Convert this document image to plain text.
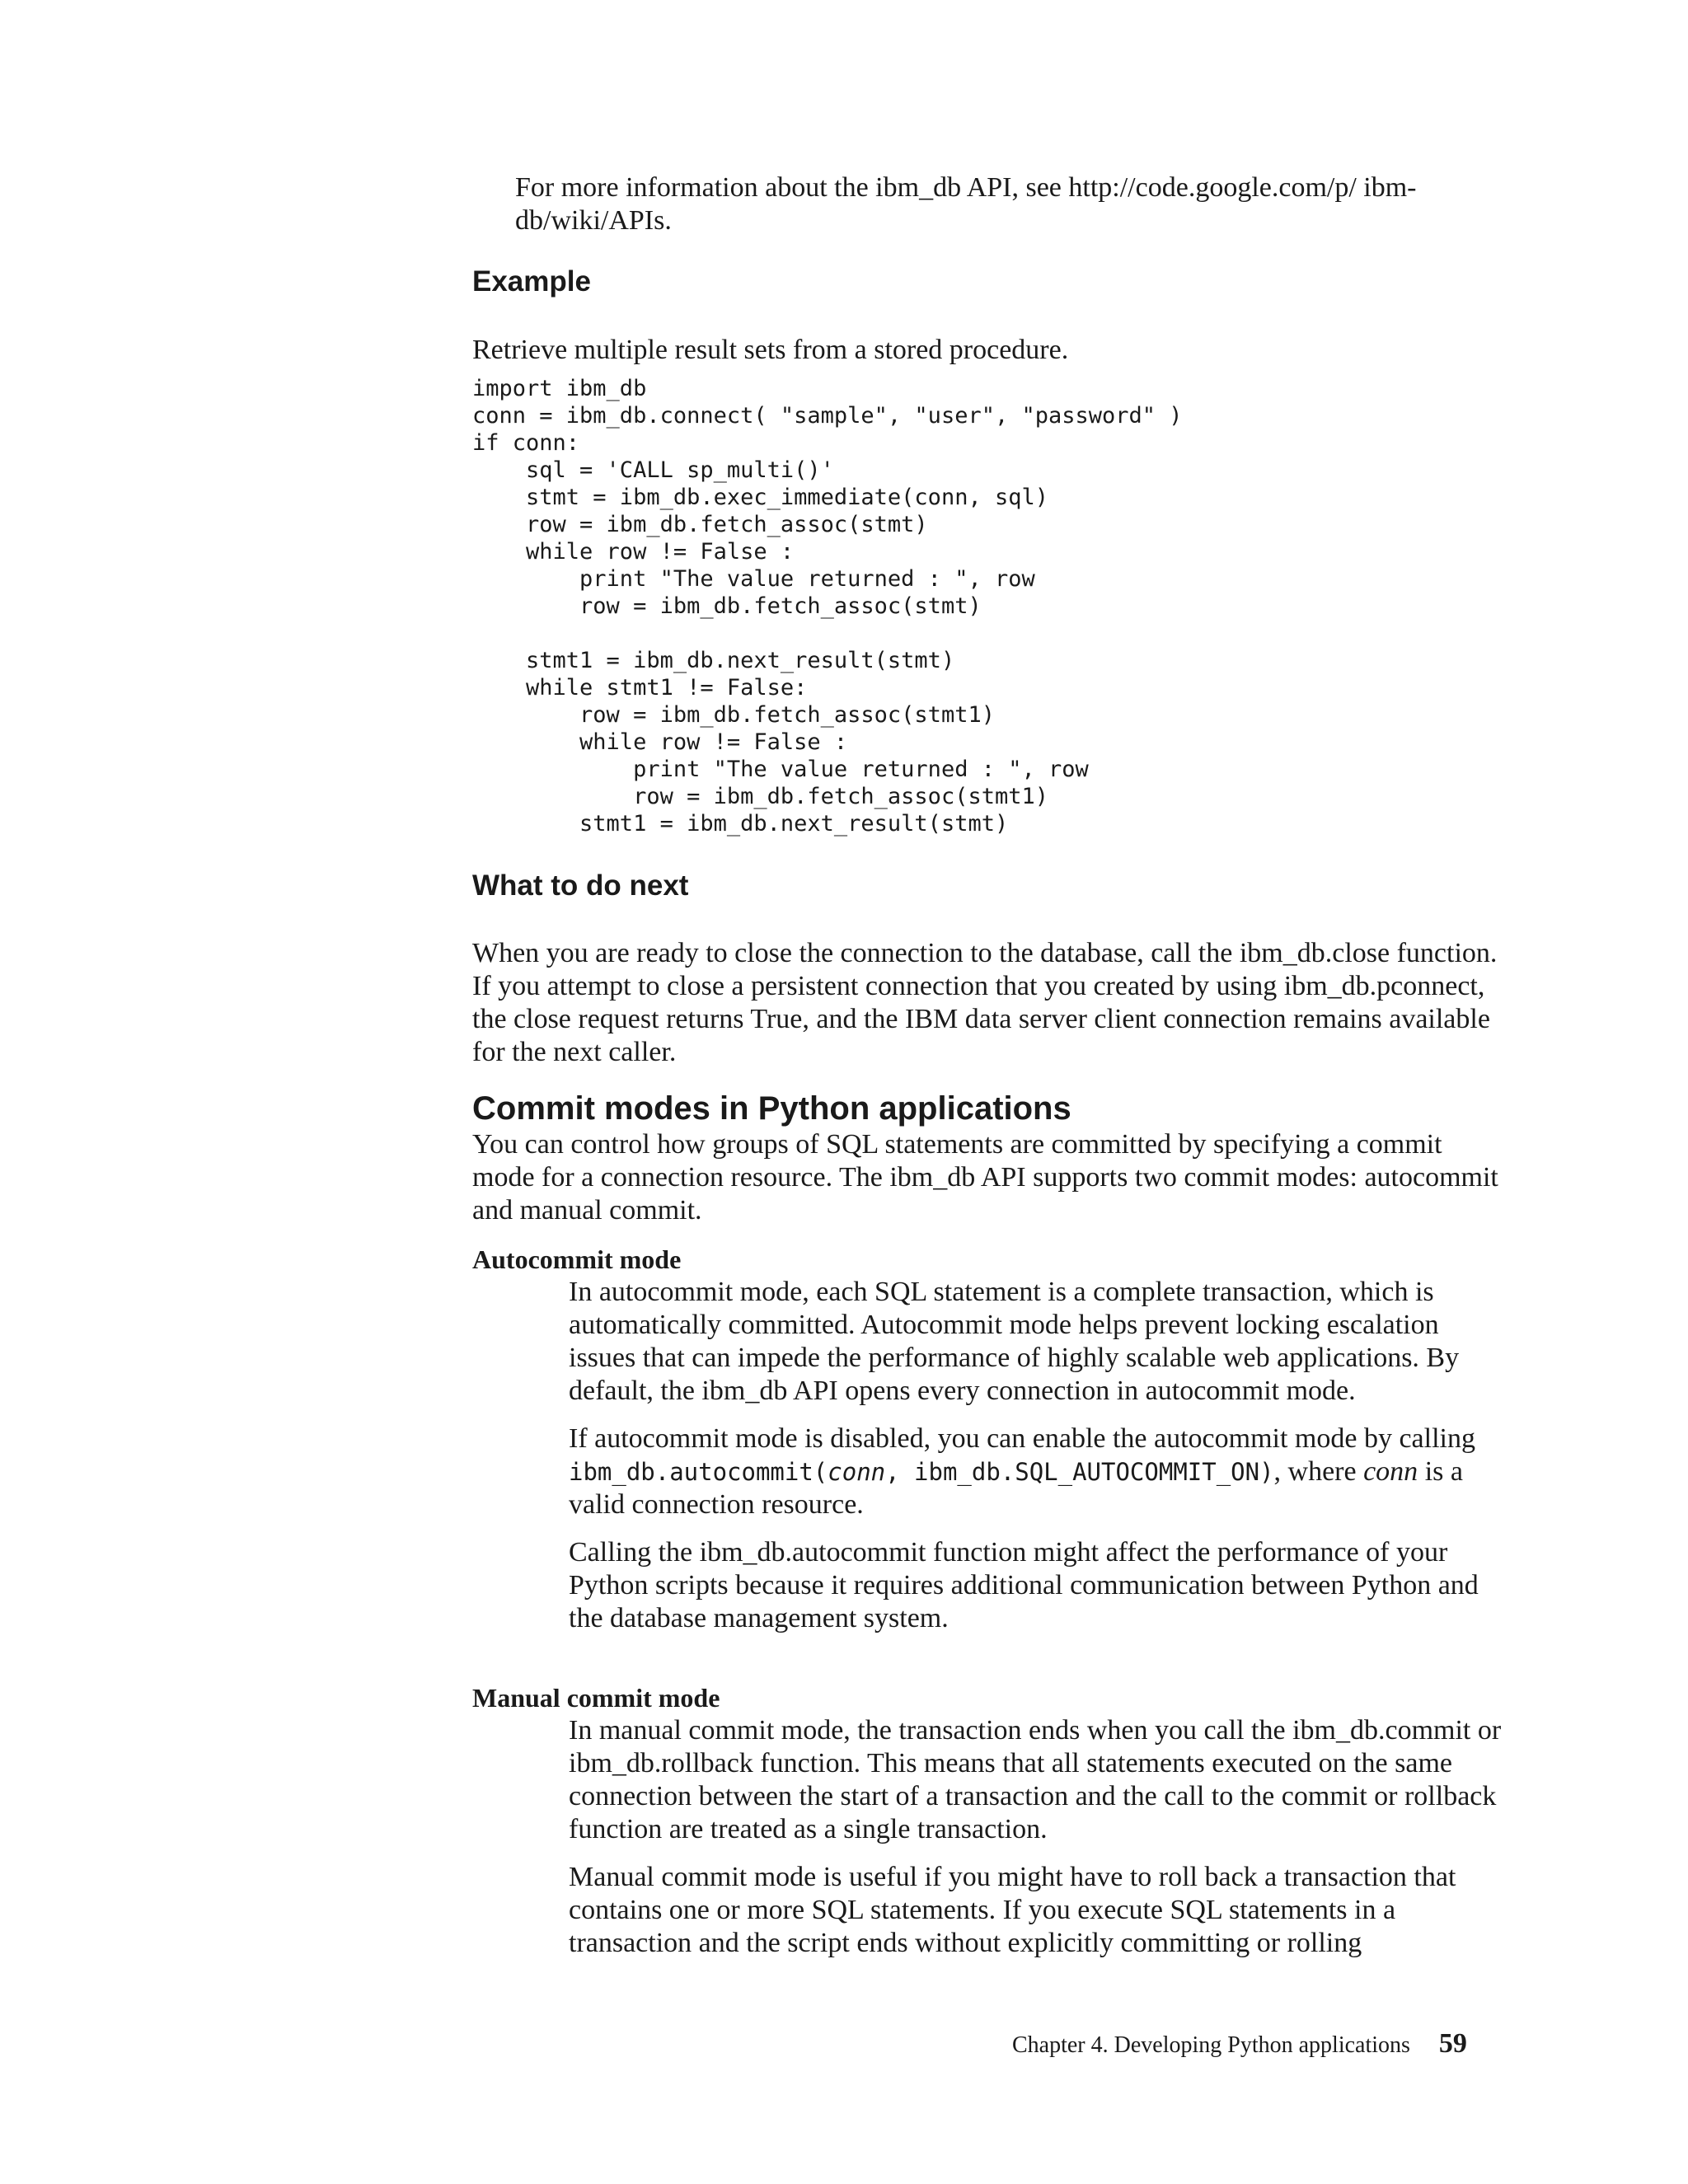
For more information about the ibm_db API, see http://code.google.com/p/ ibm-db/wiki/APIs.

Example

Retrieve multiple result sets from a stored procedure.

import ibm_db
conn = ibm_db.connect( "sample", "user", "password" )
if conn:
sql = 'CALL sp_multi()'
stmt = ibm_db.exec_immediate(conn, sql)
row = ibm_db.fetch_assoc(stmt)
while row != False :
print "The value returned : ", row
row = ibm_db.fetch_assoc(stmt)

stmt1 = ibm_db.next_result(stmt)
while stmt1 != False:
row = ibm_db.fetch_assoc(stmt1)
while row != False :
print "The value returned : ", row
row = ibm_db.fetch_assoc(stmt1)
stmt1 = ibm_db.next_result(stmt)
What to do next

When you are ready to close the connection to the database, call the ibm_db.close function. If you attempt to close a persistent connection that you created by using ibm_db.pconnect, the close request returns True, and the IBM data server client connection remains available for the next caller.

Commit modes in Python applications

You can control how groups of SQL statements are committed by specifying a commit mode for a connection resource. The ibm_db API supports two commit modes: autocommit and manual commit.

Autocommit mode

In autocommit mode, each SQL statement is a complete transaction, which is automatically committed. Autocommit mode helps prevent locking escalation issues that can impede the performance of highly scalable web applications. By default, the ibm_db API opens every connection in autocommit mode.

If autocommit mode is disabled, you can enable the autocommit mode by calling ibm_db.autocommit(conn, ibm_db.SQL_AUTOCOMMIT_ON), where conn is a valid connection resource.

Calling the ibm_db.autocommit function might affect the performance of your Python scripts because it requires additional communication between Python and the database management system.

Manual commit mode

In manual commit mode, the transaction ends when you call the ibm_db.commit or ibm_db.rollback function. This means that all statements executed on the same connection between the start of a transaction and the call to the commit or rollback function are treated as a single transaction.

Manual commit mode is useful if you might have to roll back a transaction that contains one or more SQL statements. If you execute SQL statements in a transaction and the script ends without explicitly committing or rolling

Chapter 4. Developing Python applications 59
